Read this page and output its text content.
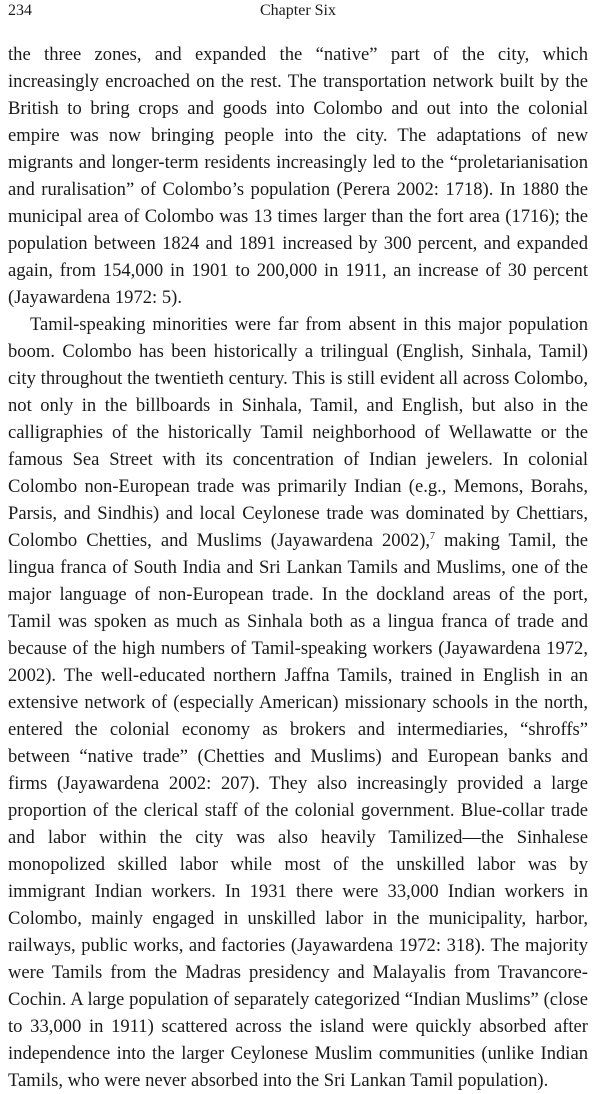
234	Chapter Six

the three zones, and expanded the “native” part of the city, which increasingly encroached on the rest. The transportation network built by the British to bring crops and goods into Colombo and out into the colonial empire was now bringing people into the city. The adaptations of new migrants and longer-term residents increasingly led to the “proletarianisation and ruralisation” of Colombo’s population (Perera 2002: 1718). In 1880 the municipal area of Colombo was 13 times larger than the fort area (1716); the population between 1824 and 1891 increased by 300 percent, and expanded again, from 154,000 in 1901 to 200,000 in 1911, an increase of 30 percent (Jayawardena 1972: 5).

Tamil-speaking minorities were far from absent in this major population boom. Colombo has been historically a trilingual (English, Sinhala, Tamil) city throughout the twentieth century. This is still evident all across Colombo, not only in the billboards in Sinhala, Tamil, and English, but also in the calligraphies of the historically Tamil neighborhood of Wellawatte or the famous Sea Street with its concentration of Indian jewelers. In colonial Colombo non-European trade was primarily Indian (e.g., Memons, Borahs, Parsis, and Sindhis) and local Ceylonese trade was dominated by Chettiars, Colombo Chetties, and Muslims (Jayawardena 2002),$^7$ making Tamil, the lingua franca of South India and Sri Lankan Tamils and Muslims, one of the major language of non-European trade. In the dockland areas of the port, Tamil was spoken as much as Sinhala both as a lingua franca of trade and because of the high numbers of Tamil-speaking workers (Jayawardena 1972, 2002). The well-educated northern Jaffna Tamils, trained in English in an extensive network of (especially American) missionary schools in the north, entered the colonial economy as brokers and intermediaries, “shroffs” between “native trade” (Chetties and Muslims) and European banks and firms (Jayawardena 2002: 207). They also increasingly provided a large proportion of the clerical staff of the colonial government. Blue-collar trade and labor within the city was also heavily Tamilized—the Sinhalese monopolized skilled labor while most of the unskilled labor was by immigrant Indian workers. In 1931 there were 33,000 Indian workers in Colombo, mainly engaged in unskilled labor in the municipality, harbor, railways, public works, and factories (Jayawardena 1972: 318). The majority were Tamils from the Madras presidency and Malayalis from Travancore-Cochin. A large population of separately categorized “Indian Muslims” (close to 33,000 in 1911) scattered across the island were quickly absorbed after independence into the larger Ceylonese Muslim communities (unlike Indian Tamils, who were never absorbed into the Sri Lankan Tamil population).
